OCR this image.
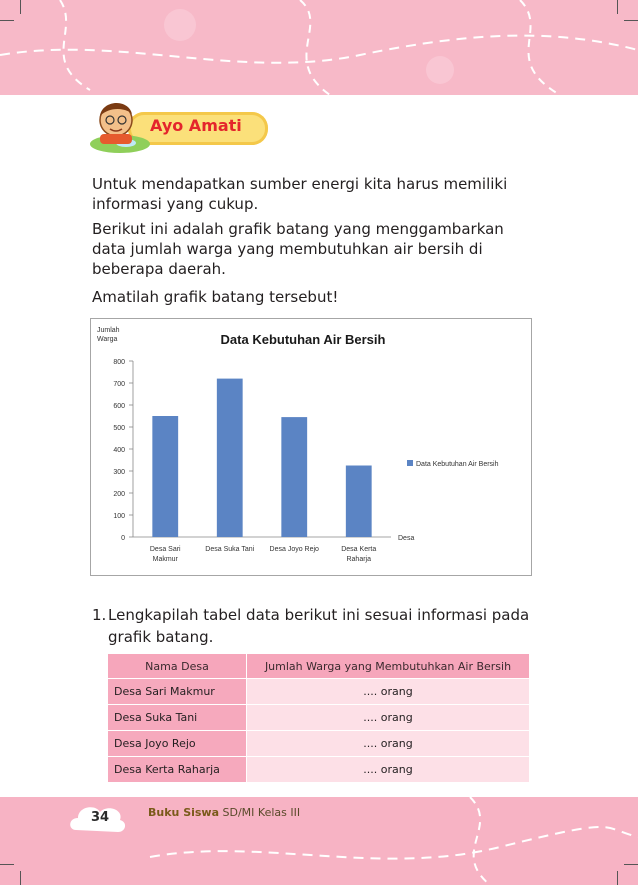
Ayo Amati
Untuk mendapatkan sumber energi kita harus memiliki informasi yang cukup.
Berikut ini adalah grafik batang yang menggambarkan data jumlah warga yang membutuhkan air bersih di beberapa daerah.
Amatilah grafik batang tersebut!
Data Kebutuhan Air Bersih
Jumlah
Warga
0
100
200
300
400
500
600
700
800
Desa
Desa Sari
Makmur
Desa Suka Tani Desa Joyo Rejo	Desa Kerta
Raharja
Data Kebutuhan Air Bersih
1. Lengkapilah tabel data berikut ini sesuai informasi pada grafik batang.
Nama Desa	Jumlah Warga yang Membutuhkan Air Bersih
Desa Sari Makmur	.... orang
Desa Suka Tani	.... orang
Desa Joyo Rejo	.... orang
Desa Kerta Raharja	.... orang
34	Buku Siswa SD/MI Kelas III
